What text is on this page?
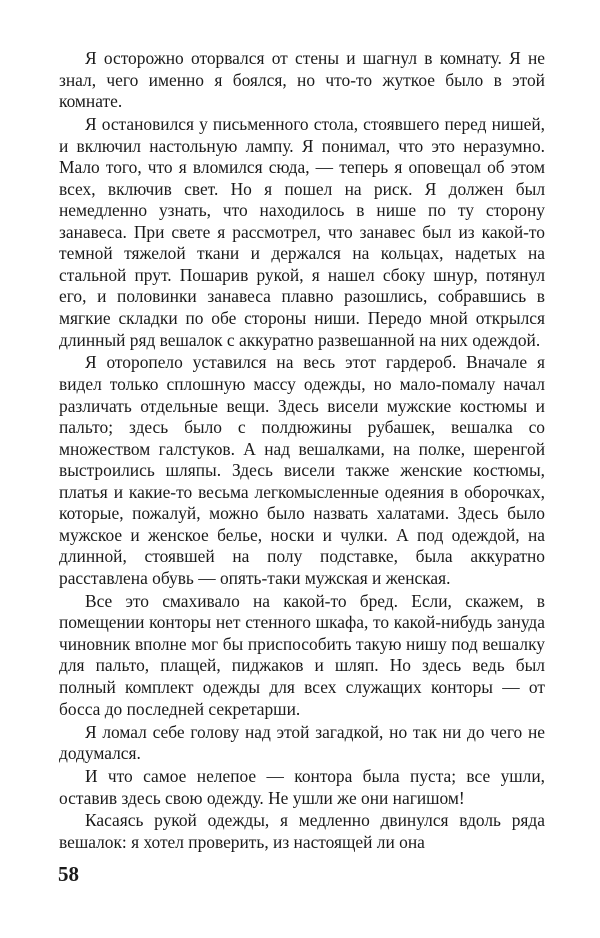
Я осторожно оторвался от стены и шагнул в комнату. Я не знал, чего именно я боялся, но что-то жуткое было в этой комнате.

Я остановился у письменного стола, стоявшего перед нишей, и включил настольную лампу. Я понимал, что это неразумно. Мало того, что я вломился сюда, — теперь я оповещал об этом всех, включив свет. Но я пошел на риск. Я должен был немедленно узнать, что находилось в нише по ту сторону занавеса. При свете я рассмотрел, что занавес был из какой-то темной тяжелой ткани и держался на кольцах, надетых на стальной прут. Пошарив рукой, я нашел сбоку шнур, потянул его, и половинки занавеса плавно разошлись, собравшись в мягкие складки по обе стороны ниши. Передо мной открылся длинный ряд вешалок с аккуратно развешанной на них одеждой.

Я оторопело уставился на весь этот гардероб. Вначале я видел только сплошную массу одежды, но мало-помалу начал различать отдельные вещи. Здесь висели мужские костюмы и пальто; здесь было с полдюжины рубашек, вешалка со множеством галстуков. А над вешалками, на полке, шеренгой выстроились шляпы. Здесь висели также женские костюмы, платья и какие-то весьма легкомысленные одеяния в оборочках, которые, пожалуй, можно было назвать халатами. Здесь было мужское и женское белье, носки и чулки. А под одеждой, на длинной, стоявшей на полу подставке, была аккуратно расставлена обувь — опять-таки мужская и женская.

Все это смахивало на какой-то бред. Если, скажем, в помещении конторы нет стенного шкафа, то какой-нибудь зануда чиновник вполне мог бы приспособить такую нишу под вешалку для пальто, плащей, пиджаков и шляп. Но здесь ведь был полный комплект одежды для всех служащих конторы — от босса до последней секретарши.

Я ломал себе голову над этой загадкой, но так ни до чего не додумался.

И что самое нелепое — контора была пуста; все ушли, оставив здесь свою одежду. Не ушли же они нагишом!

Касаясь рукой одежды, я медленно двинулся вдоль ряда вешалок: я хотел проверить, из настоящей ли она

58
